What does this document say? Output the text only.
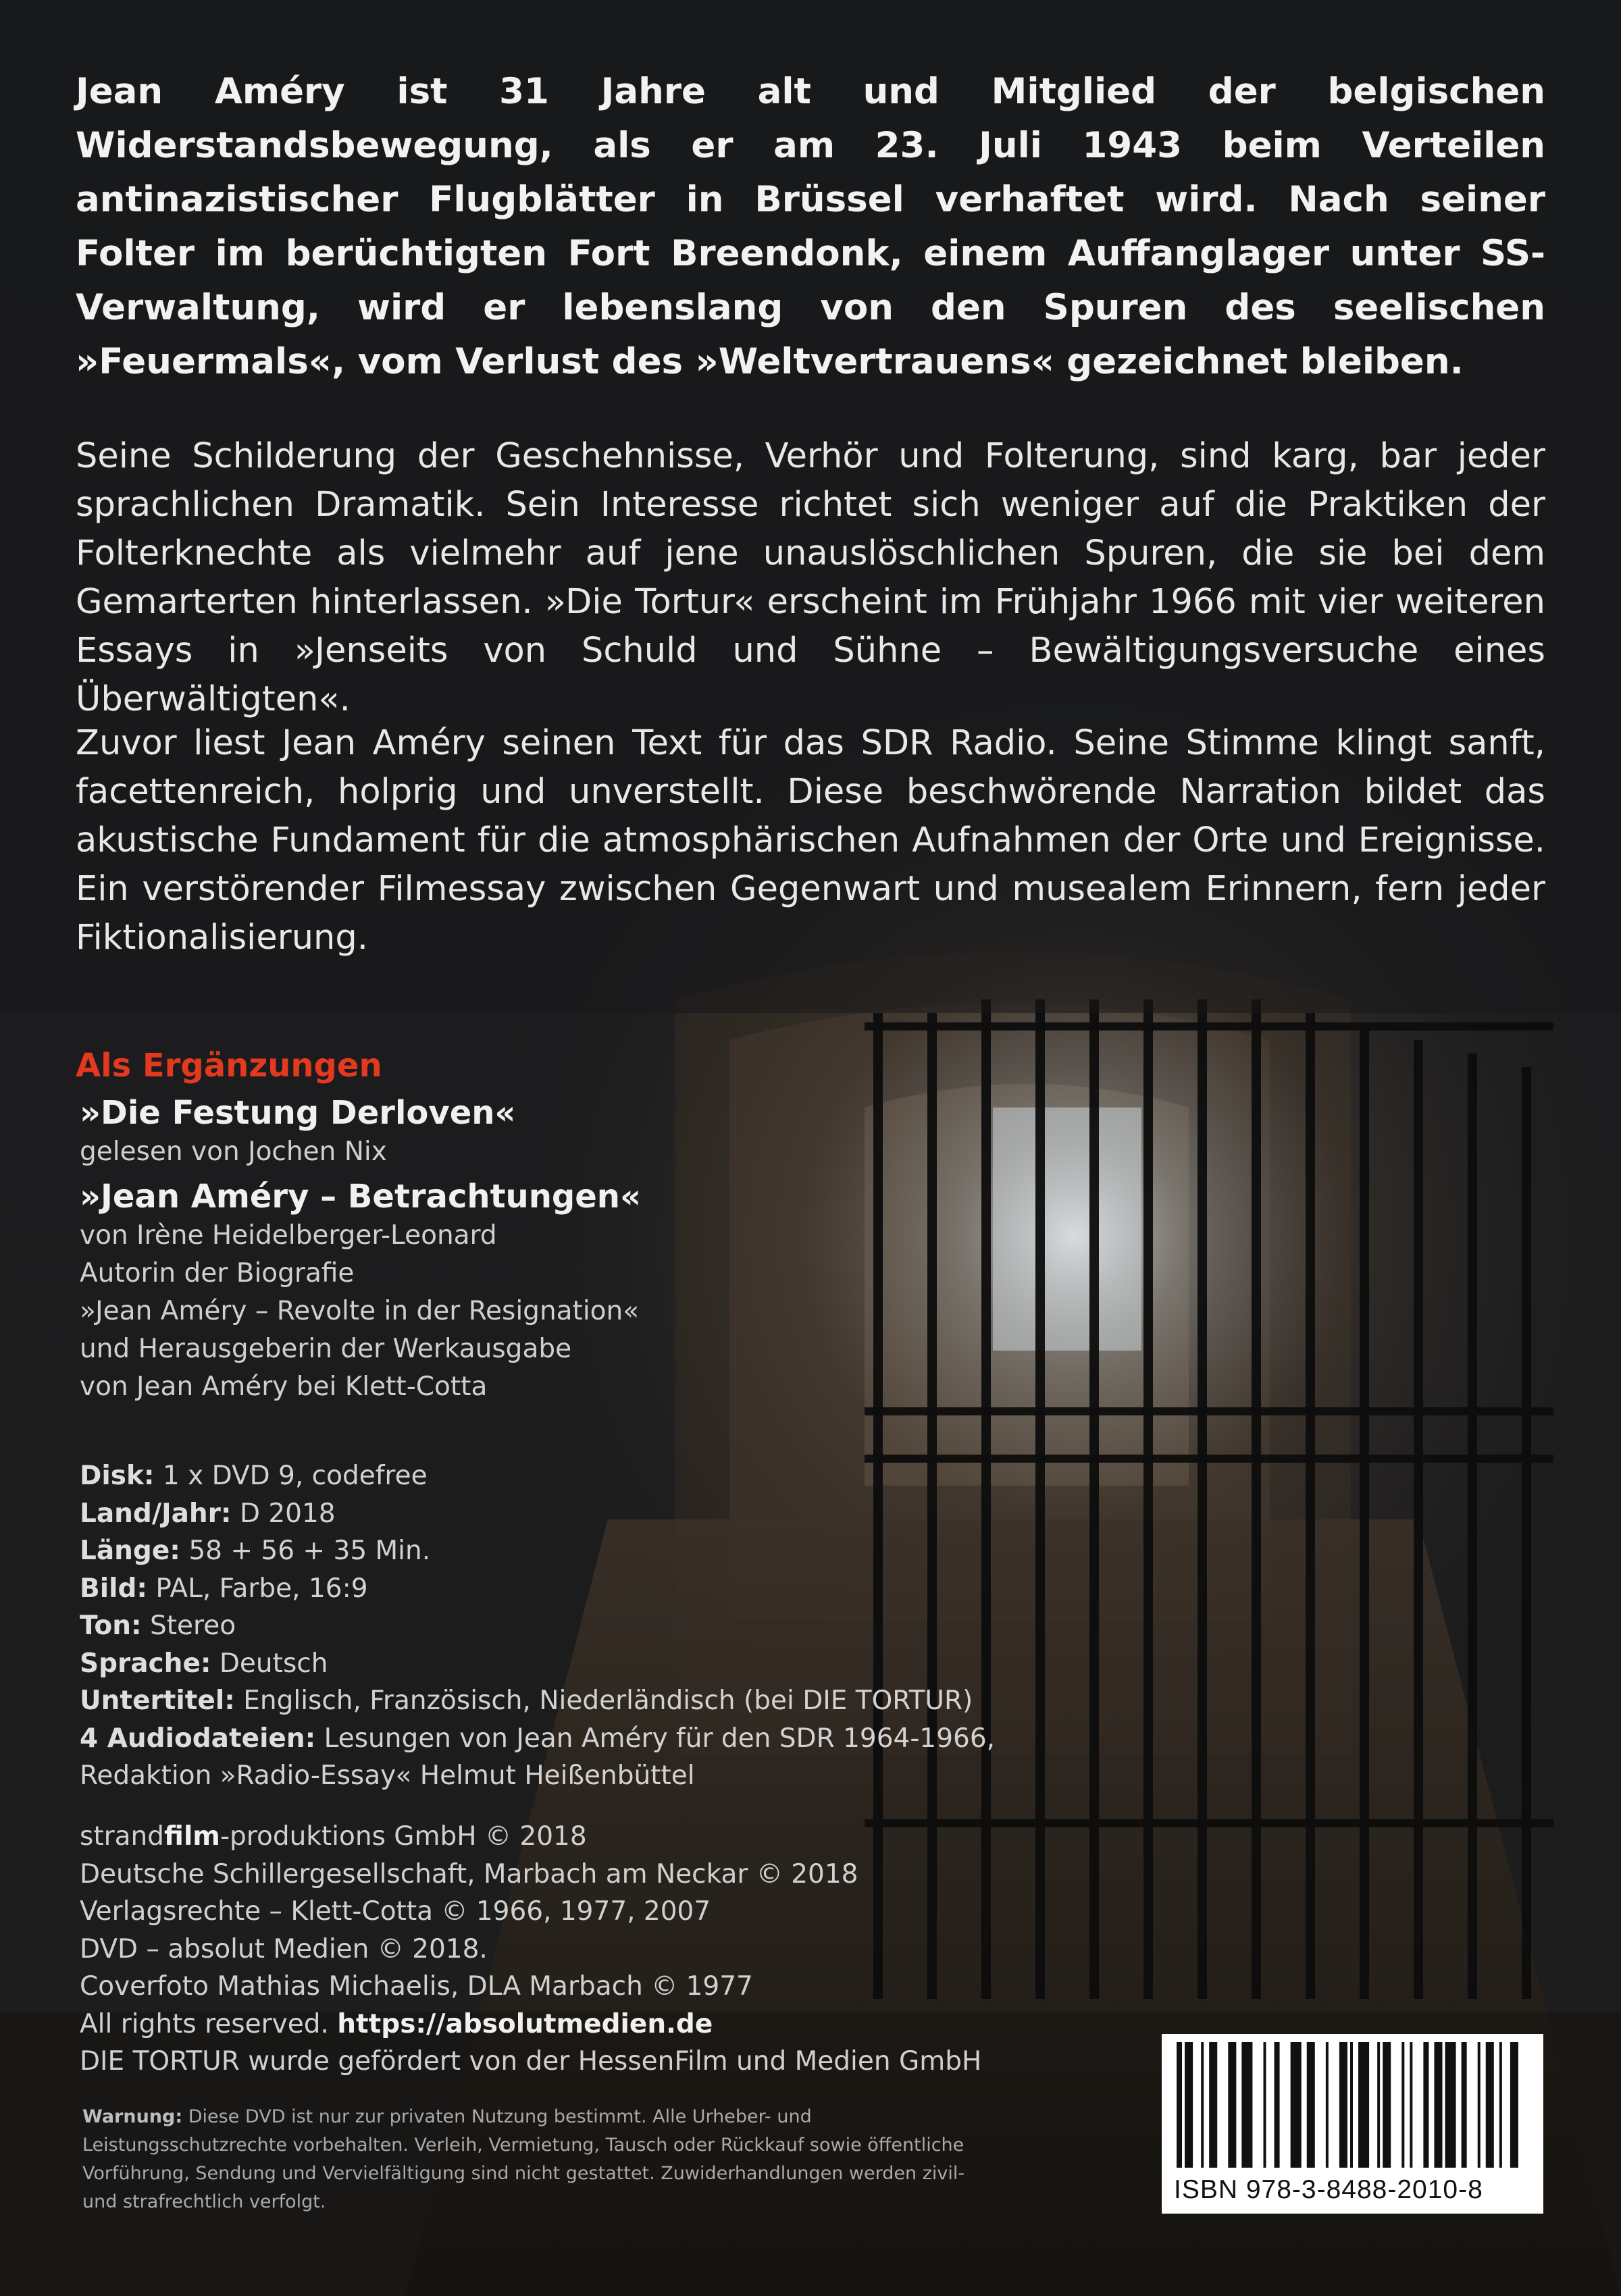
Jean Améry ist 31 Jahre alt und Mitglied der belgischen Widerstandsbewegung, als er am 23. Juli 1943 beim Verteilen antinazistischer Flugblätter in Brüssel verhaftet wird. Nach seiner Folter im berüchtigten Fort Breendonk, einem Auffanglager unter SS-Verwaltung, wird er lebenslang von den Spuren des seelischen »Feuermals«, vom Verlust des »Weltvertrauens« gezeichnet bleiben.

Seine Schilderung der Geschehnisse, Verhör und Folterung, sind karg, bar jeder sprachlichen Dramatik. Sein Interesse richtet sich weniger auf die Praktiken der Folterknechte als vielmehr auf jene unauslöschlichen Spuren, die sie bei dem Gemarterten hinterlassen. »Die Tortur« erscheint im Frühjahr 1966 mit vier weiteren Essays in »Jenseits von Schuld und Sühne – Bewältigungsversuche eines Überwältigten«.

Zuvor liest Jean Améry seinen Text für das SDR Radio. Seine Stimme klingt sanft, facettenreich, holprig und unverstellt. Diese beschwörende Narration bildet das akustische Fundament für die atmosphärischen Aufnahmen der Orte und Ereignisse. Ein verstörender Filmessay zwischen Gegenwart und musealem Erinnern, fern jeder Fiktionalisierung.

Als Ergänzungen
»Die Festung Derloven«
gelesen von Jochen Nix
»Jean Améry – Betrachtungen«
von Irène Heidelberger-Leonard
Autorin der Biografie
»Jean Améry – Revolte in der Resignation«
und Herausgeberin der Werkausgabe
von Jean Améry bei Klett-Cotta
Disk: 1 x DVD 9, codefree
Land/Jahr: D 2018
Länge: 58 + 56 + 35 Min.
Bild: PAL, Farbe, 16:9
Ton: Stereo
Sprache: Deutsch
Untertitel: Englisch, Französisch, Niederländisch (bei DIE TORTUR)
4 Audiodateien: Lesungen von Jean Améry für den SDR 1964-1966,
Redaktion »Radio-Essay« Helmut Heißenbüttel
strandfilm-produktions GmbH © 2018
Deutsche Schillergesellschaft, Marbach am Neckar © 2018
Verlagsrechte – Klett-Cotta © 1966, 1977, 2007
DVD – absolut Medien © 2018.
Coverfoto Mathias Michaelis, DLA Marbach © 1977
All rights reserved. https://absolutmedien.de
DIE TORTUR wurde gefördert von der HessenFilm und Medien GmbH
Warnung: Diese DVD ist nur zur privaten Nutzung bestimmt. Alle Urheber- und Leistungsschutzrechte vorbehalten. Verleih, Vermietung, Tausch oder Rückkauf sowie öffentliche Vorführung, Sendung und Vervielfältigung sind nicht gestattet. Zuwiderhandlungen werden zivil- und strafrechtlich verfolgt.	ISBN 978-3-8488-2010-8
